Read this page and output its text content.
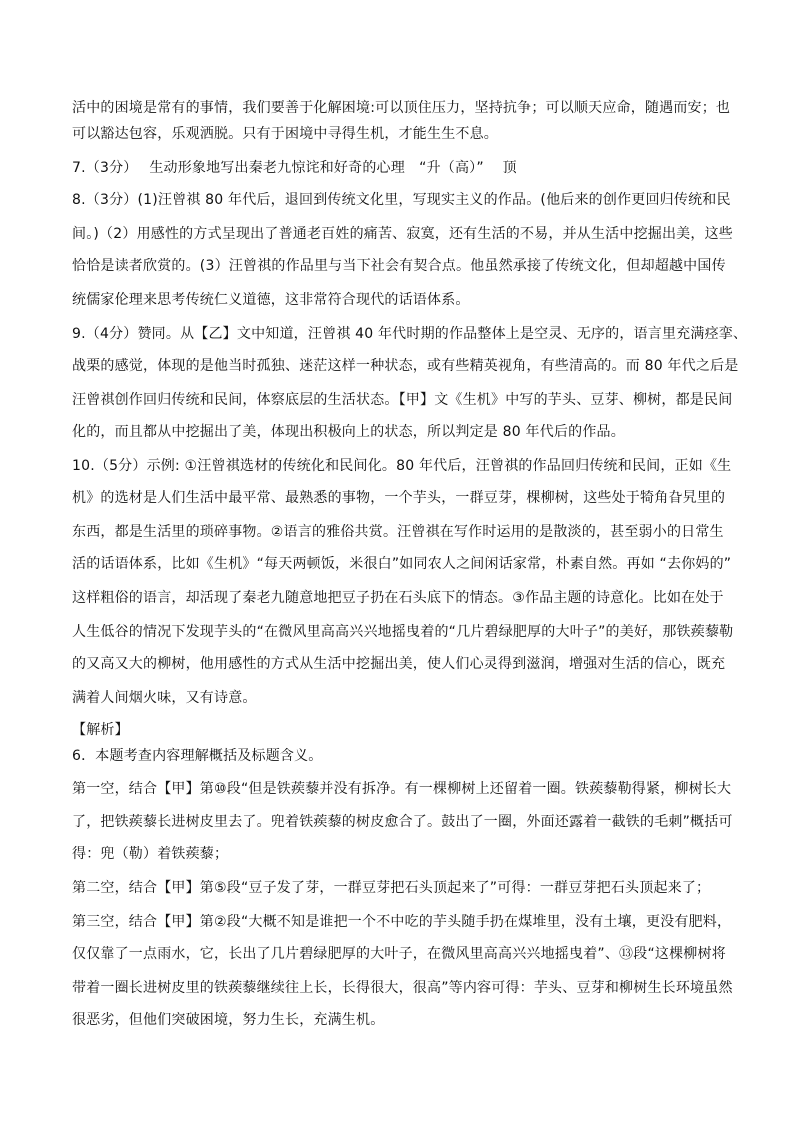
活中的困境是常有的事情，我们要善于化解困境:可以顶住压力，坚持抗争；可以顺天应命，随遇而安；也
可以豁达包容，乐观洒脱。只有于困境中寻得生机，才能生生不息。
7.（3分）　 生动形象地写出秦老九惊诧和好奇的心理　“升（高）”　 顶
8.（3分）(1)汪曾祺 80 年代后，退回到传统文化里，写现实主义的作品。(他后来的创作更回归传统和民
间。)（2）用感性的方式呈现出了普通老百姓的痛苦、寂寞，还有生活的不易，并从生活中挖掘出美，这些
恰恰是读者欣赏的。(3）汪曾祺的作品里与当下社会有契合点。他虽然承接了传统文化，但却超越中国传
统儒家伦理来思考传统仁义道德，这非常符合现代的话语体系。
9.（4分）赞同。从【乙】文中知道，汪曾祺 40 年代时期的作品整体上是空灵、无序的，语言里充满痉挛、
战栗的感觉，体现的是他当时孤独、迷茫这样一种状态，或有些精英视角，有些清高的。而 80 年代之后是
汪曾祺创作回归传统和民间，体察底层的生活状态。【甲】文《生机》中写的芋头、豆芽、柳树，都是民间
化的，而且都从中挖掘出了美，体现出积极向上的状态，所以判定是 80 年代后的作品。
10.（5分）示例: ①汪曾祺选材的传统化和民间化。80 年代后，汪曾祺的作品回归传统和民间，正如《生
机》的选材是人们生活中最平常、最熟悉的事物，一个芋头，一群豆芽，棵柳树，这些处于犄角旮旯里的
东西，都是生活里的琐碎事物。②语言的雅俗共赏。汪曾祺在写作时运用的是散淡的，甚至弱小的日常生
活的话语体系，比如《生机》“每天两顿饭，米很白”如同农人之间闲话家常，朴素自然。再如 “去你妈的”
这样粗俗的语言，却活现了秦老九随意地把豆子扔在石头底下的情态。③作品主题的诗意化。比如在处于
人生低谷的情况下发现芋头的“在微风里高高兴兴地摇曳着的“几片碧绿肥厚的大叶子”的美好，那铁蒺藜勒
的又高又大的柳树，他用感性的方式从生活中挖掘出美，使人们心灵得到滋润，增强对生活的信心，既充
满着人间烟火味，又有诗意。
【解析】
6．本题考查内容理解概括及标题含义。
第一空，结合【甲】第⑩段“但是铁蒺藜并没有拆净。有一棵柳树上还留着一圈。铁蒺藜勒得紧，柳树长大
了，把铁蒺藜长进树皮里去了。兜着铁蒺藜的树皮愈合了。鼓出了一圈，外面还露着一截铁的毛刺”概括可
得：兜（勒）着铁蒺藜；
第二空，结合【甲】第⑤段“豆子发了芽，一群豆芽把石头顶起来了”可得：一群豆芽把石头顶起来了；
第三空，结合【甲】第②段“大概不知是谁把一个不中吃的芋头随手扔在煤堆里，没有土壤，更没有肥料，
仅仅靠了一点雨水，它，长出了几片碧绿肥厚的大叶子，在微风里高高兴兴地摇曳着”、⑬段“这棵柳树将
带着一圈长进树皮里的铁蒺藜继续往上长，长得很大，很高”等内容可得：芋头、豆芽和柳树生长环境虽然
很恶劣，但他们突破困境，努力生长，充满生机。
